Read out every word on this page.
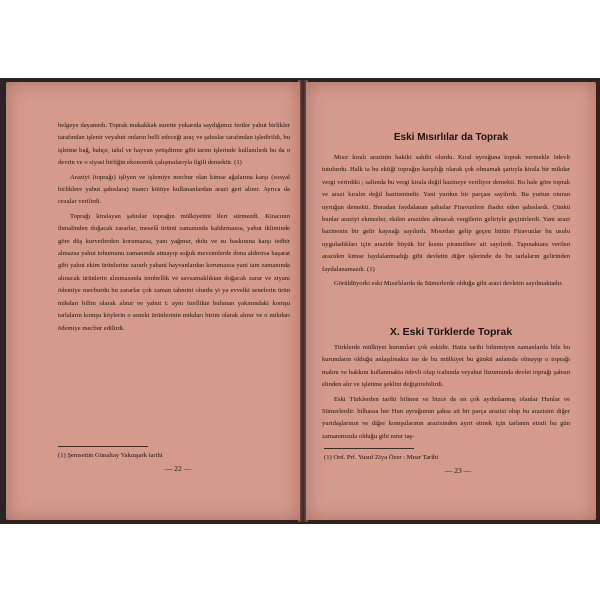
belgeye dayanırdı. Toprak mukakkak surette yukarıda saydığımız fertler yahut birlikler tarafından işlenir veyahut onların belli edeceği araç ve şahıslar tarafından işledirildi, bu işletme bağ, bahçe, tahıl ve hayvan yetişdirme gibi tarım işlerinde kullanılırdı bu da o devrin ve o siyasi birliğin ekonomik çalışmalarıyla ilgili demektir. (1)

Araziyi (toprağı) işliyen ve işlemiye mecbur olan kimse ağalarına karşı (sosyal birliklere yahut şahıslara) inancı kötüye kullananlardan arazi geri alınır. Ayrıca da cezalar verilirdi.

Toprağı kiralayan şahıslar toprağın mülkiyetini ileri sürmezdi. Kiracının ihmalinden doğacak zararlar, meselâ ürünü zamanında kaldırmazsa, yahut ikliminde göre düş kurvetlerden korumazsa, yanı yağmur, dolu ve su baskınına karşı tedbir almazsa yahut tohumunu zamanında atmayıp soğuk mevsimlerde dona aldırırsa haşarat gibi yahut ekim ürünlerine zararlı yabani hayvanlardan korumazsa yani tam zamanında alınacak ürünlerin alınmasında tembellik ve savsamaklıktan doğacak zarar ve ziyanı ödemiye mecburdu bu zararlar çok zaman tahmini olurdu yi ya evvelki senelerin ürün mikdarı bilim olarak alınır ve yahut t: aynı özellikte bulunan yakınındaki komşu tarlaların komşu köylerin o seneki ürünlerinin mikdarı birim olarak alınır ve o mikdarı ödemiye mecbur edilirdi.

(1) Şemsettin Günaltay Yakınşark tarihi
— 22 —
Eski Mısırlılar da Toprak

Mısır kıralı arazinin hakiki sahibi olurdu. Kıral uyruğuna toprak vermekle ödevli tutulurdu. Halk ta bu ektiği toprağın karşılığı olarak çok olmamak şartıyla kirala bir mikdar vergi verirdiki ; saltında bu vergi kirala değil hazineye veriliyor demekti. Bu hale göre toprak ve arazi kıralın değil hazinenindir. Yani yurdun bir parçası sayılırdı. Bu yurtun oturan uyruğun demekti. Buradan faydalanan şahıslar Firavunlere ibadet eden şahıslardı. Çünkü bunlar araziyi ekmezler, ekilen araziden almacak vergilerin geliriyle geçinirlerdi. Yani arazi hazinenin bir gelir kaynağı sayılırdı. Mısırdan gelip geçen bütün Firavunlar bu usulu uyguladıkları için arazide büyük bir kısmı piramitlere ait sayılırdı. Tapınaktara verilen araziden kimse faydalanmadığı gibi devletin diğer işlerinde de bu tarlaların gelirinden faydalanamazdı. (1)

Görüldüyorki eski Mısırlılarda da Sümerlerde olduğu gibi arazi devletin sayılmaktadır.

X. Eski Türklerde Toprak

Türklerde mülkiyet kurumları çok eskidir. Hatta tarihi bilinmiyen zamanlarda bile bu kurumların olduğu anlaşılmakta ise de bu mülkiyet bu günkü anlamda olmayıp o toprağı malını ve hakkını kullanmakta ödevli olup icabında veyahut lüzumunda devlet toprağı şahsın elinden alır ve işletime şeklini değiştirebilirdi.

Eski Türklerden tarihi bilinen ve bizce de en çok aydınlanmış olanlar Hunlar ve Sümerlerdir. bilhassa her Hun uyruğunun şahsa ait bir parça arazisi olup bu arazisini diğer yurtdaşlarının ve diğer komşularının arazisinden ayırt etmek için tarlanın etrafı bu gün zamanımızda olduğu gibi nınır taş-

(1) Ord. Prf. Yusuf Ziya Özer : Mısır Tarihi
— 23 —
